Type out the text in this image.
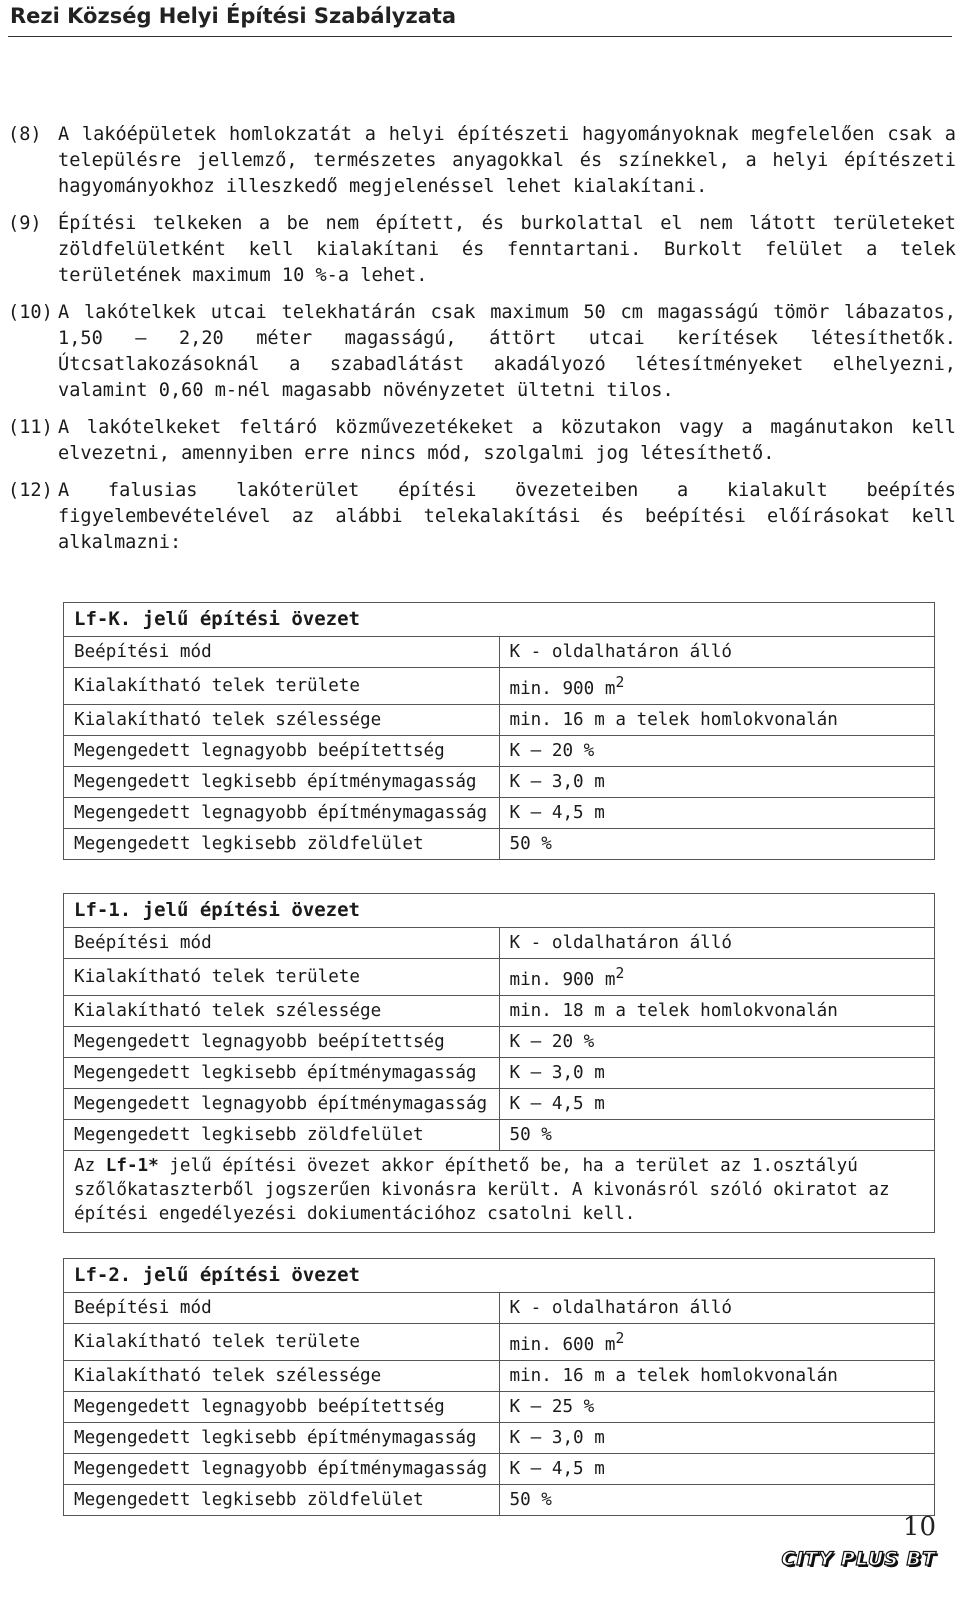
Rezi Község Helyi Építési Szabályzata
(8) A lakóépületek homlokzatát a helyi építészeti hagyományoknak megfelelően csak a településre jellemző, természetes anyagokkal és színekkel, a helyi építészeti hagyományokhoz illeszkedő megjelenéssel lehet kialakítani.
(9) Építési telkeken a be nem épített, és burkolattal el nem látott területeket zöldfelületként kell kialakítani és fenntartani. Burkolt felület a telek területének maximum 10 %-a lehet.
(10) A lakótelkek utcai telekhatárán csak maximum 50 cm magasságú tömör lábazatos, 1,50 – 2,20 méter magasságú, áttört utcai kerítések létesíthetők. Útcsatlakozásoknál a szabadlátást akadályozó létesítményeket elhelyezni, valamint 0,60 m-nél magasabb növényzetet ültetni tilos.
(11) A lakótelkeket feltáró közművezetékeket a közutakon vagy a magánutakon kell elvezetni, amennyiben erre nincs mód, szolgalmi jog létesíthető.
(12) A falusias lakóterület építési övezeteiben a kialakult beépítés figyelembevételével az alábbi telekalakítási és beépítési előírásokat kell alkalmazni:
Lf-K. jelű építési övezet	
Beépítési mód	K - oldalhatáron álló
Kialakítható telek területe	min. 900 $m^2$
Kialakítható telek szélessége	min. 16 m a telek homlokvonalán
Megengedett legnagyobb beépítettség	K – 20 %
Megengedett legkisebb építménymagasság	K – 3,0 m
Megengedett legnagyobb építménymagasság	K – 4,5 m
Megengedett legkisebb zöldfelület	50 %
Lf-1. jelű építési övezet	
Beépítési mód	K - oldalhatáron álló
Kialakítható telek területe	min. 900 $m^2$
Kialakítható telek szélessége	min. 18 m a telek homlokvonalán
Megengedett legnagyobb beépítettség	K – 20 %
Megengedett legkisebb építménymagasság	K – 3,0 m
Megengedett legnagyobb építménymagasság	K – 4,5 m
Megengedett legkisebb zöldfelület	50 %
Az Lf-1* jelű építési övezet akkor építhető be, ha a terület az 1.osztályú szőlőkataszterből jogszerűen kivonásra került. A kivonásról szóló okiratot az építési engedélyezési dokiumentációhoz csatolni kell.	
Lf-2. jelű építési övezet	
Beépítési mód	K - oldalhatáron álló
Kialakítható telek területe	min. 600 $m^2$
Kialakítható telek szélessége	min. 16 m a telek homlokvonalán
Megengedett legnagyobb beépítettség	K – 25 %
Megengedett legkisebb építménymagasság	K – 3,0 m
Megengedett legnagyobb építménymagasság	K – 4,5 m
Megengedett legkisebb zöldfelület	50 %
10
CITY PLUS BT
